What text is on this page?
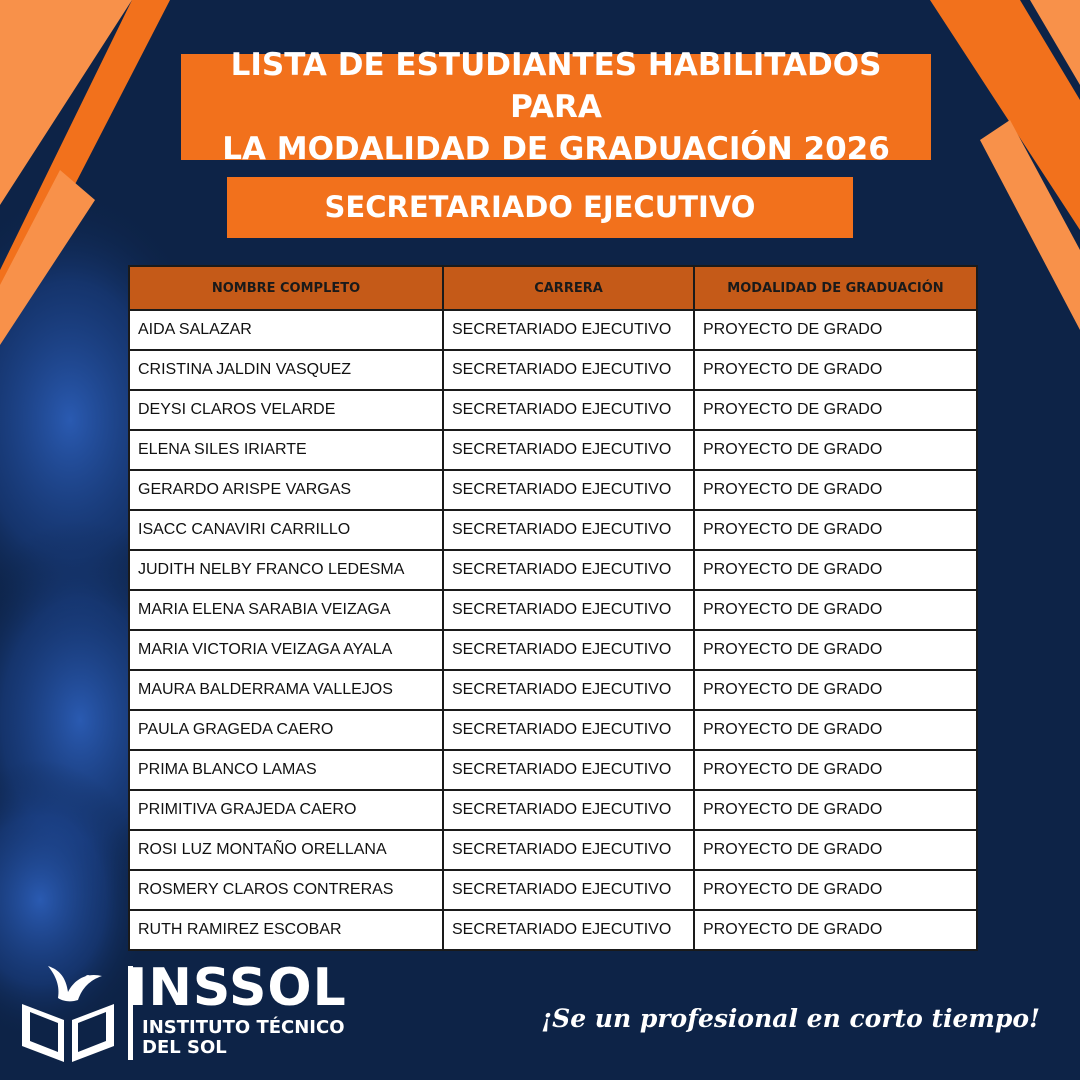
LISTA DE ESTUDIANTES HABILITADOS PARA
LA MODALIDAD DE GRADUACIÓN 2026
SECRETARIADO EJECUTIVO
NOMBRE COMPLETO	CARRERA	MODALIDAD DE GRADUACIÓN
AIDA SALAZAR	SECRETARIADO EJECUTIVO	PROYECTO DE GRADO
CRISTINA JALDIN VASQUEZ	SECRETARIADO EJECUTIVO	PROYECTO DE GRADO
DEYSI CLAROS VELARDE	SECRETARIADO EJECUTIVO	PROYECTO DE GRADO
ELENA SILES IRIARTE	SECRETARIADO EJECUTIVO	PROYECTO DE GRADO
GERARDO ARISPE VARGAS	SECRETARIADO EJECUTIVO	PROYECTO DE GRADO
ISACC CANAVIRI CARRILLO	SECRETARIADO EJECUTIVO	PROYECTO DE GRADO
JUDITH NELBY FRANCO LEDESMA	SECRETARIADO EJECUTIVO	PROYECTO DE GRADO
MARIA ELENA SARABIA VEIZAGA	SECRETARIADO EJECUTIVO	PROYECTO DE GRADO
MARIA VICTORIA VEIZAGA AYALA	SECRETARIADO EJECUTIVO	PROYECTO DE GRADO
MAURA BALDERRAMA VALLEJOS	SECRETARIADO EJECUTIVO	PROYECTO DE GRADO
PAULA GRAGEDA CAERO	SECRETARIADO EJECUTIVO	PROYECTO DE GRADO
PRIMA BLANCO LAMAS	SECRETARIADO EJECUTIVO	PROYECTO DE GRADO
PRIMITIVA GRAJEDA CAERO	SECRETARIADO EJECUTIVO	PROYECTO DE GRADO
ROSI LUZ MONTAÑO ORELLANA	SECRETARIADO EJECUTIVO	PROYECTO DE GRADO
ROSMERY CLAROS CONTRERAS	SECRETARIADO EJECUTIVO	PROYECTO DE GRADO
RUTH RAMIREZ ESCOBAR	SECRETARIADO EJECUTIVO	PROYECTO DE GRADO
INSSOL
INSTITUTO TÉCNICO
DEL SOL
¡Se un profesional en corto tiempo!
